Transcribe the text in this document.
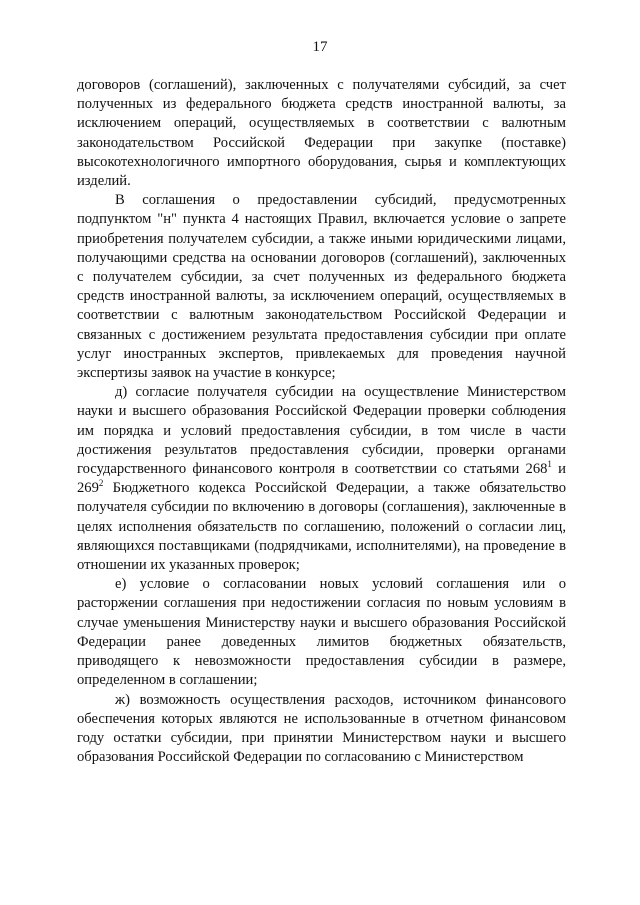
17

договоров (соглашений), заключенных с получателями субсидий, за счет полученных из федерального бюджета средств иностранной валюты, за исключением операций, осуществляемых в соответствии с валютным законодательством Российской Федерации при закупке (поставке) высокотехнологичного импортного оборудования, сырья и комплектующих изделий.

В соглашения о предоставлении субсидий, предусмотренных подпунктом "н" пункта 4 настоящих Правил, включается условие о запрете приобретения получателем субсидии, а также иными юридическими лицами, получающими средства на основании договоров (соглашений), заключенных с получателем субсидии, за счет полученных из федерального бюджета средств иностранной валюты, за исключением операций, осуществляемых в соответствии с валютным законодательством Российской Федерации и связанных с достижением результата предоставления субсидии при оплате услуг иностранных экспертов, привлекаемых для проведения научной экспертизы заявок на участие в конкурсе;

д) согласие получателя субсидии на осуществление Министерством науки и высшего образования Российской Федерации проверки соблюдения им порядка и условий предоставления субсидии, в том числе в части достижения результатов предоставления субсидии, проверки органами государственного финансового контроля в соответствии со статьями $268^1$ и $269^2$ Бюджетного кодекса Российской Федерации, а также обязательство получателя субсидии по включению в договоры (соглашения), заключенные в целях исполнения обязательств по соглашению, положений о согласии лиц, являющихся поставщиками (подрядчиками, исполнителями), на проведение в отношении их указанных проверок;

е) условие о согласовании новых условий соглашения или о расторжении соглашения при недостижении согласия по новым условиям в случае уменьшения Министерству науки и высшего образования Российской Федерации ранее доведенных лимитов бюджетных обязательств, приводящего к невозможности предоставления субсидии в размере, определенном в соглашении;

ж) возможность осуществления расходов, источником финансового обеспечения которых являются не использованные в отчетном финансовом году остатки субсидии, при принятии Министерством науки и высшего образования Российской Федерации по согласованию с Министерством
